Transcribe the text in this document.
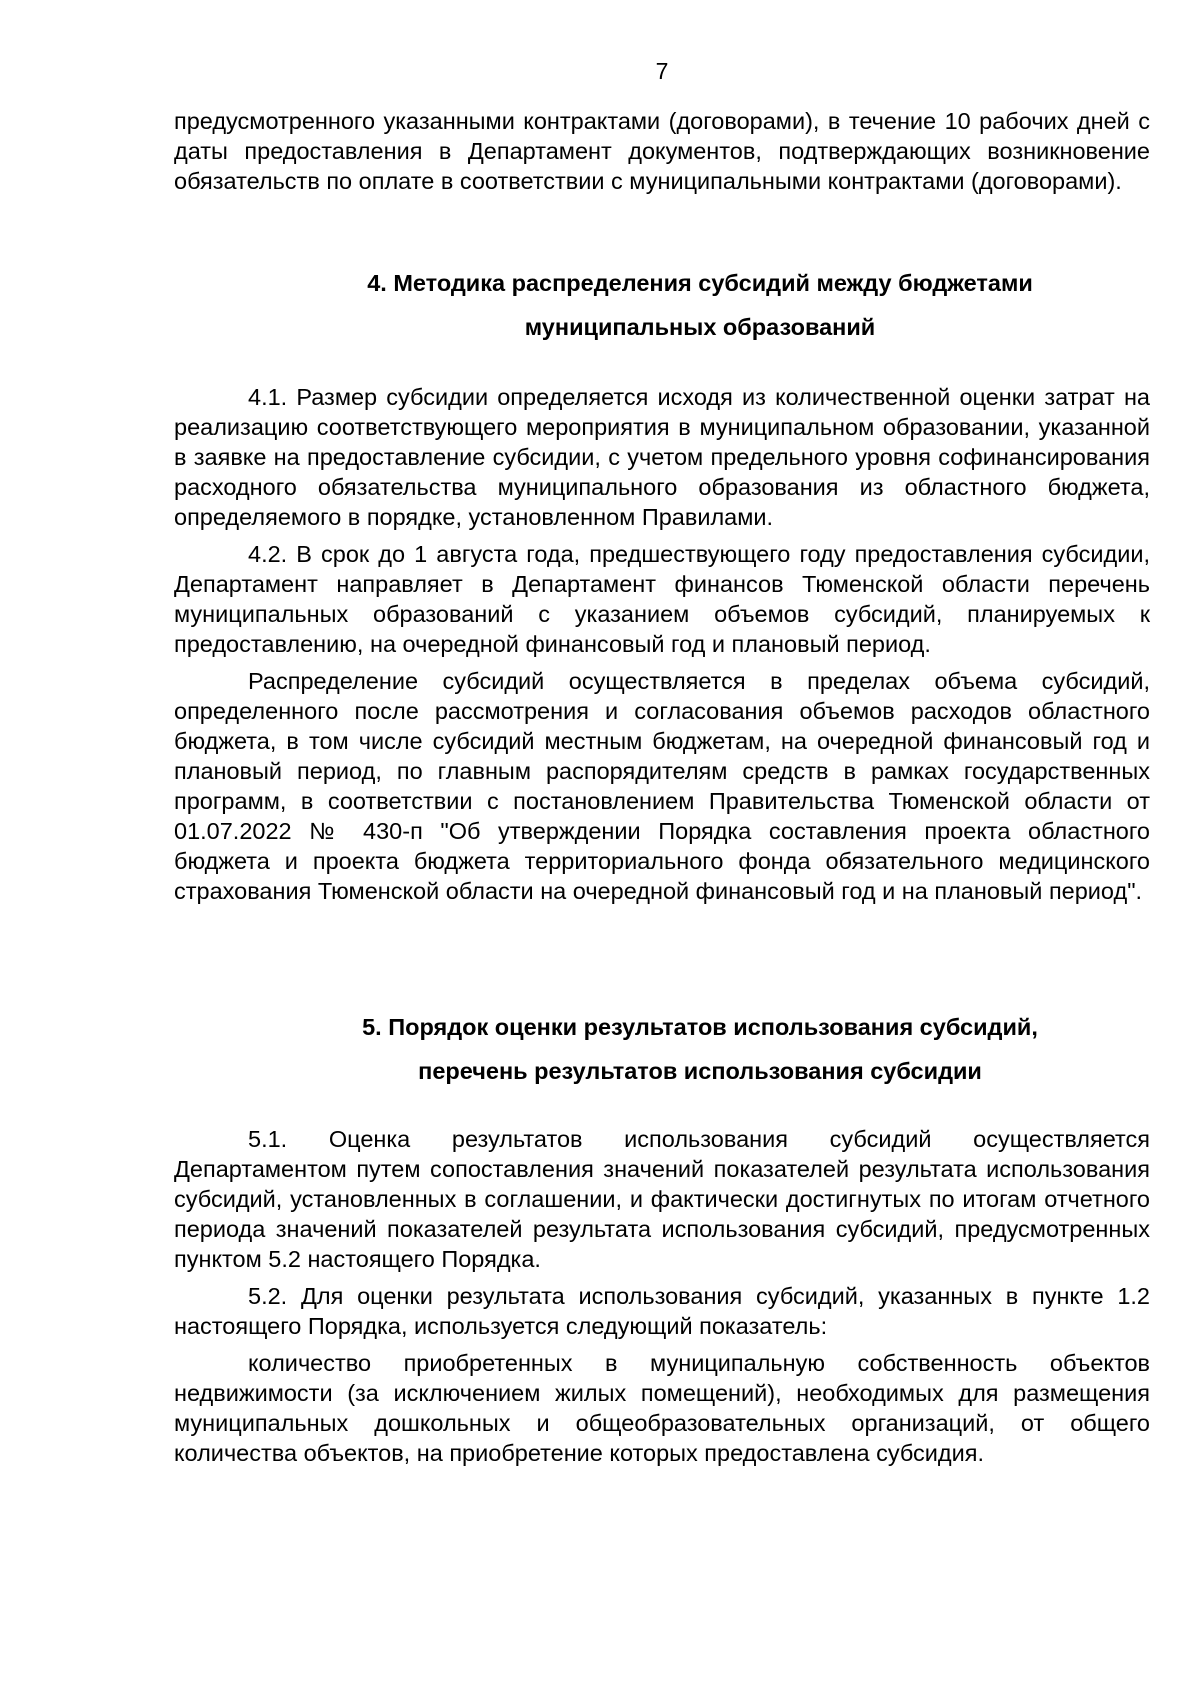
7

предусмотренного указанными контрактами (договорами), в течение 10 рабочих дней с даты предоставления в Департамент документов, подтверждающих возникновение обязательств по оплате в соответствии с муниципальными контрактами (договорами).

4. Методика распределения субсидий между бюджетами
муниципальных образований

4.1. Размер субсидии определяется исходя из количественной оценки затрат на реализацию соответствующего мероприятия в муниципальном образовании, указанной в заявке на предоставление субсидии, с учетом предельного уровня софинансирования расходного обязательства муниципального образования из областного бюджета, определяемого в порядке, установленном Правилами.

4.2. В срок до 1 августа года, предшествующего году предоставления субсидии, Департамент направляет в Департамент финансов Тюменской области перечень муниципальных образований с указанием объемов субсидий, планируемых к предоставлению, на очередной финансовый год и плановый период.

Распределение субсидий осуществляется в пределах объема субсидий, определенного после рассмотрения и согласования объемов расходов областного бюджета, в том числе субсидий местным бюджетам, на очередной финансовый год и плановый период, по главным распорядителям средств в рамках государственных программ, в соответствии с постановлением Правительства Тюменской области от 01.07.2022 № 430-п "Об утверждении Порядка составления проекта областного бюджета и проекта бюджета территориального фонда обязательного медицинского страхования Тюменской области на очередной финансовый год и на плановый период".

5. Порядок оценки результатов использования субсидий,
перечень результатов использования субсидии

5.1. Оценка результатов использования субсидий осуществляется Департаментом путем сопоставления значений показателей результата использования субсидий, установленных в соглашении, и фактически достигнутых по итогам отчетного периода значений показателей результата использования субсидий, предусмотренных пунктом 5.2 настоящего Порядка.

5.2. Для оценки результата использования субсидий, указанных в пункте 1.2 настоящего Порядка, используется следующий показатель:

количество приобретенных в муниципальную собственность объектов недвижимости (за исключением жилых помещений), необходимых для размещения муниципальных дошкольных и общеобразовательных организаций, от общего количества объектов, на приобретение которых предоставлена субсидия.
